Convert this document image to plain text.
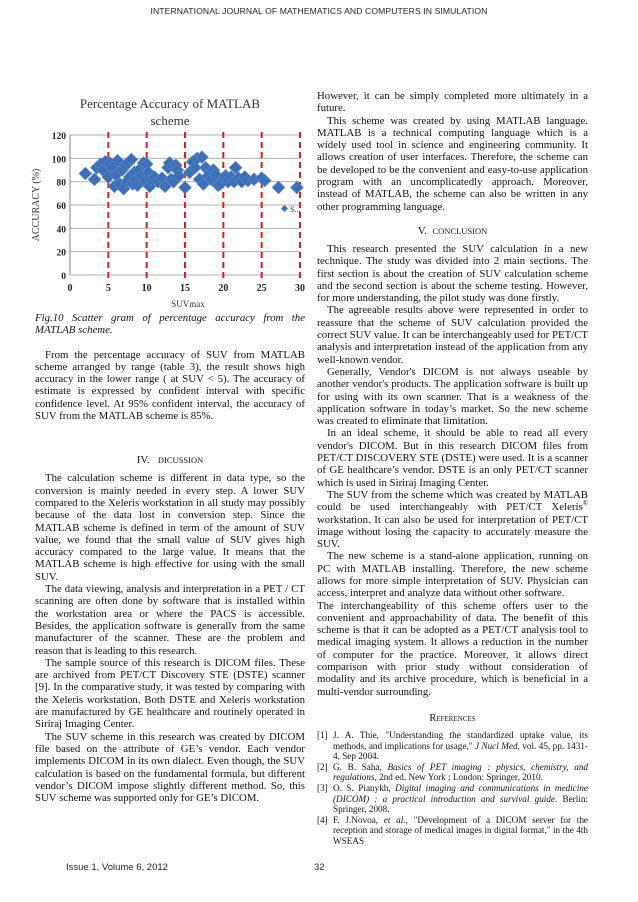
INTERNATIONAL JOURNAL OF MATHEMATICS AND COMPUTERS IN SIMULATION
Percentage Accuracy of MATLAB
scheme
0
20
40
60
80
100
120
0	5	10	15	20	25	30
ACCURACY (%)
SUVmax
S...

Fig.10 Scatter gram of percentage accuracy from the MATLAB scheme.

From the percentage accuracy of SUV from MATLAB scheme arranged by range (table 3), the result shows high accuracy in the lower range ( at SUV < 5). The accuracy of estimate is expressed by confident interval with specific confidence level. At 95% confident interval, the accuracy of SUV from the MATLAB scheme is 85%.

IV. DICUSSION

The calculation scheme is different in data type, so the conversion is mainly needed in every step. A lower SUV compared to the Xeleris workstation in all study may possibly because of the data lost in conversion step. Since the MATLAB scheme is defined in term of the amount of SUV value, we found that the small value of SUV gives high accuracy compared to the large value. It means that the MATLAB scheme is high effective for using with the small SUV.

The data viewing, analysis and interpretation in a PET / CT scanning are often done by software that is installed within the workstation area or where the PACS is accessible. Besides, the application software is generally from the same manufacturer of the scanner. These are the problem and reason that is leading to this research.

The sample source of this research is DICOM files. These are archived from PET/CT Discovery STE (DSTE) scanner [9]. In the comparative study, it was tested by comparing with the Xeleris workstation. Both DSTE and Xeleris workstation are manufactured by GE healthcare and routinely operated in Siriraj Imaging Center.

The SUV scheme in this research was created by DICOM file based on the attribute of GE’s vendor. Each vendor implements DICOM in its own dialect. Even though, the SUV calculation is based on the fundamental formula, but different vendor’s DICOM impose slightly different method. So, this SUV scheme was supported only for GE’s DICOM.

However, it can be simply completed more ultimately in a future.

This scheme was created by using MATLAB language. MATLAB is a technical computing language which is a widely used tool in science and engineering community. It allows creation of user interfaces. Therefore, the scheme can be developed to be the convenient and easy-to-use application program with an uncomplicatedly approach. Moreover, instead of MATLAB, the scheme can also be written in any other programming language.

V. CONCLUSION

This research presented the SUV calculation in a new technique. The study was divided into 2 main sections. The first section is about the creation of SUV calculation scheme and the second section is about the scheme testing. However, for more understanding, the pilot study was done firstly.

The agreeable results above were represented in order to reassure that the scheme of SUV calculation provided the correct SUV value. It can be interchangeably used for PET/CT analysis and interpretation instead of the application from any well-known vendor.

Generally, Vendor's DICOM is not always useable by another vendor's products. The application software is built up for using with its own scanner. That is a weakness of the application software in today’s market. So the new scheme was created to eliminate that limitation.

In an ideal scheme, it should be able to read all every vendor's DICOM. But in this research DICOM files from PET/CT DISCOVERY STE (DSTE) were used. It is a scanner of GE healthcare’s vendor. DSTE is an only PET/CT scanner which is used in Siriraj Imaging Center.

The SUV from the scheme which was created by MATLAB could be used interchangeably with PET/CT Xeleris® workstation. It can also be used for interpretation of PET/CT image without losing the capacity to accurately measure the SUV.

The new scheme is a stand-alone application, running on PC with MATLAB installing. Therefore, the new scheme allows for more simple interpretation of SUV. Physician can access, interpret and analyze data without other software.

The interchangeability of this scheme offers user to the convenient and approachability of data. The benefit of this scheme is that it can be adopted as a PET/CT analysis tool to medical imaging system. It allows a reduction in the number of computer for the practice. Moreover, it allows direct comparison with prior study without consideration of modality and its archive procedure, which is beneficial in a multi-vendor surrounding.

References
[1] J. A. Thie, "Understanding the standardized uptake value, its methods, and implications for usage," J Nucl Med, vol. 45, pp. 1431-4, Sep 2004.
[2] G. B. Saha, Basics of PET imaging : physics, chemistry, and regulations, 2nd ed. New York ; London: Springer, 2010.
[3] O. S. Pianykh, Digital imaging and communications in medicine (DICOM) : a practical introduction and survival guide. Berlin: Springer, 2008.
[4] F. J.Novoa, et al., "Development of a DICOM server for the reception and storage of medical images in digital format," in the 4th WSEAS
Issue 1, Volume 6, 2012	32
